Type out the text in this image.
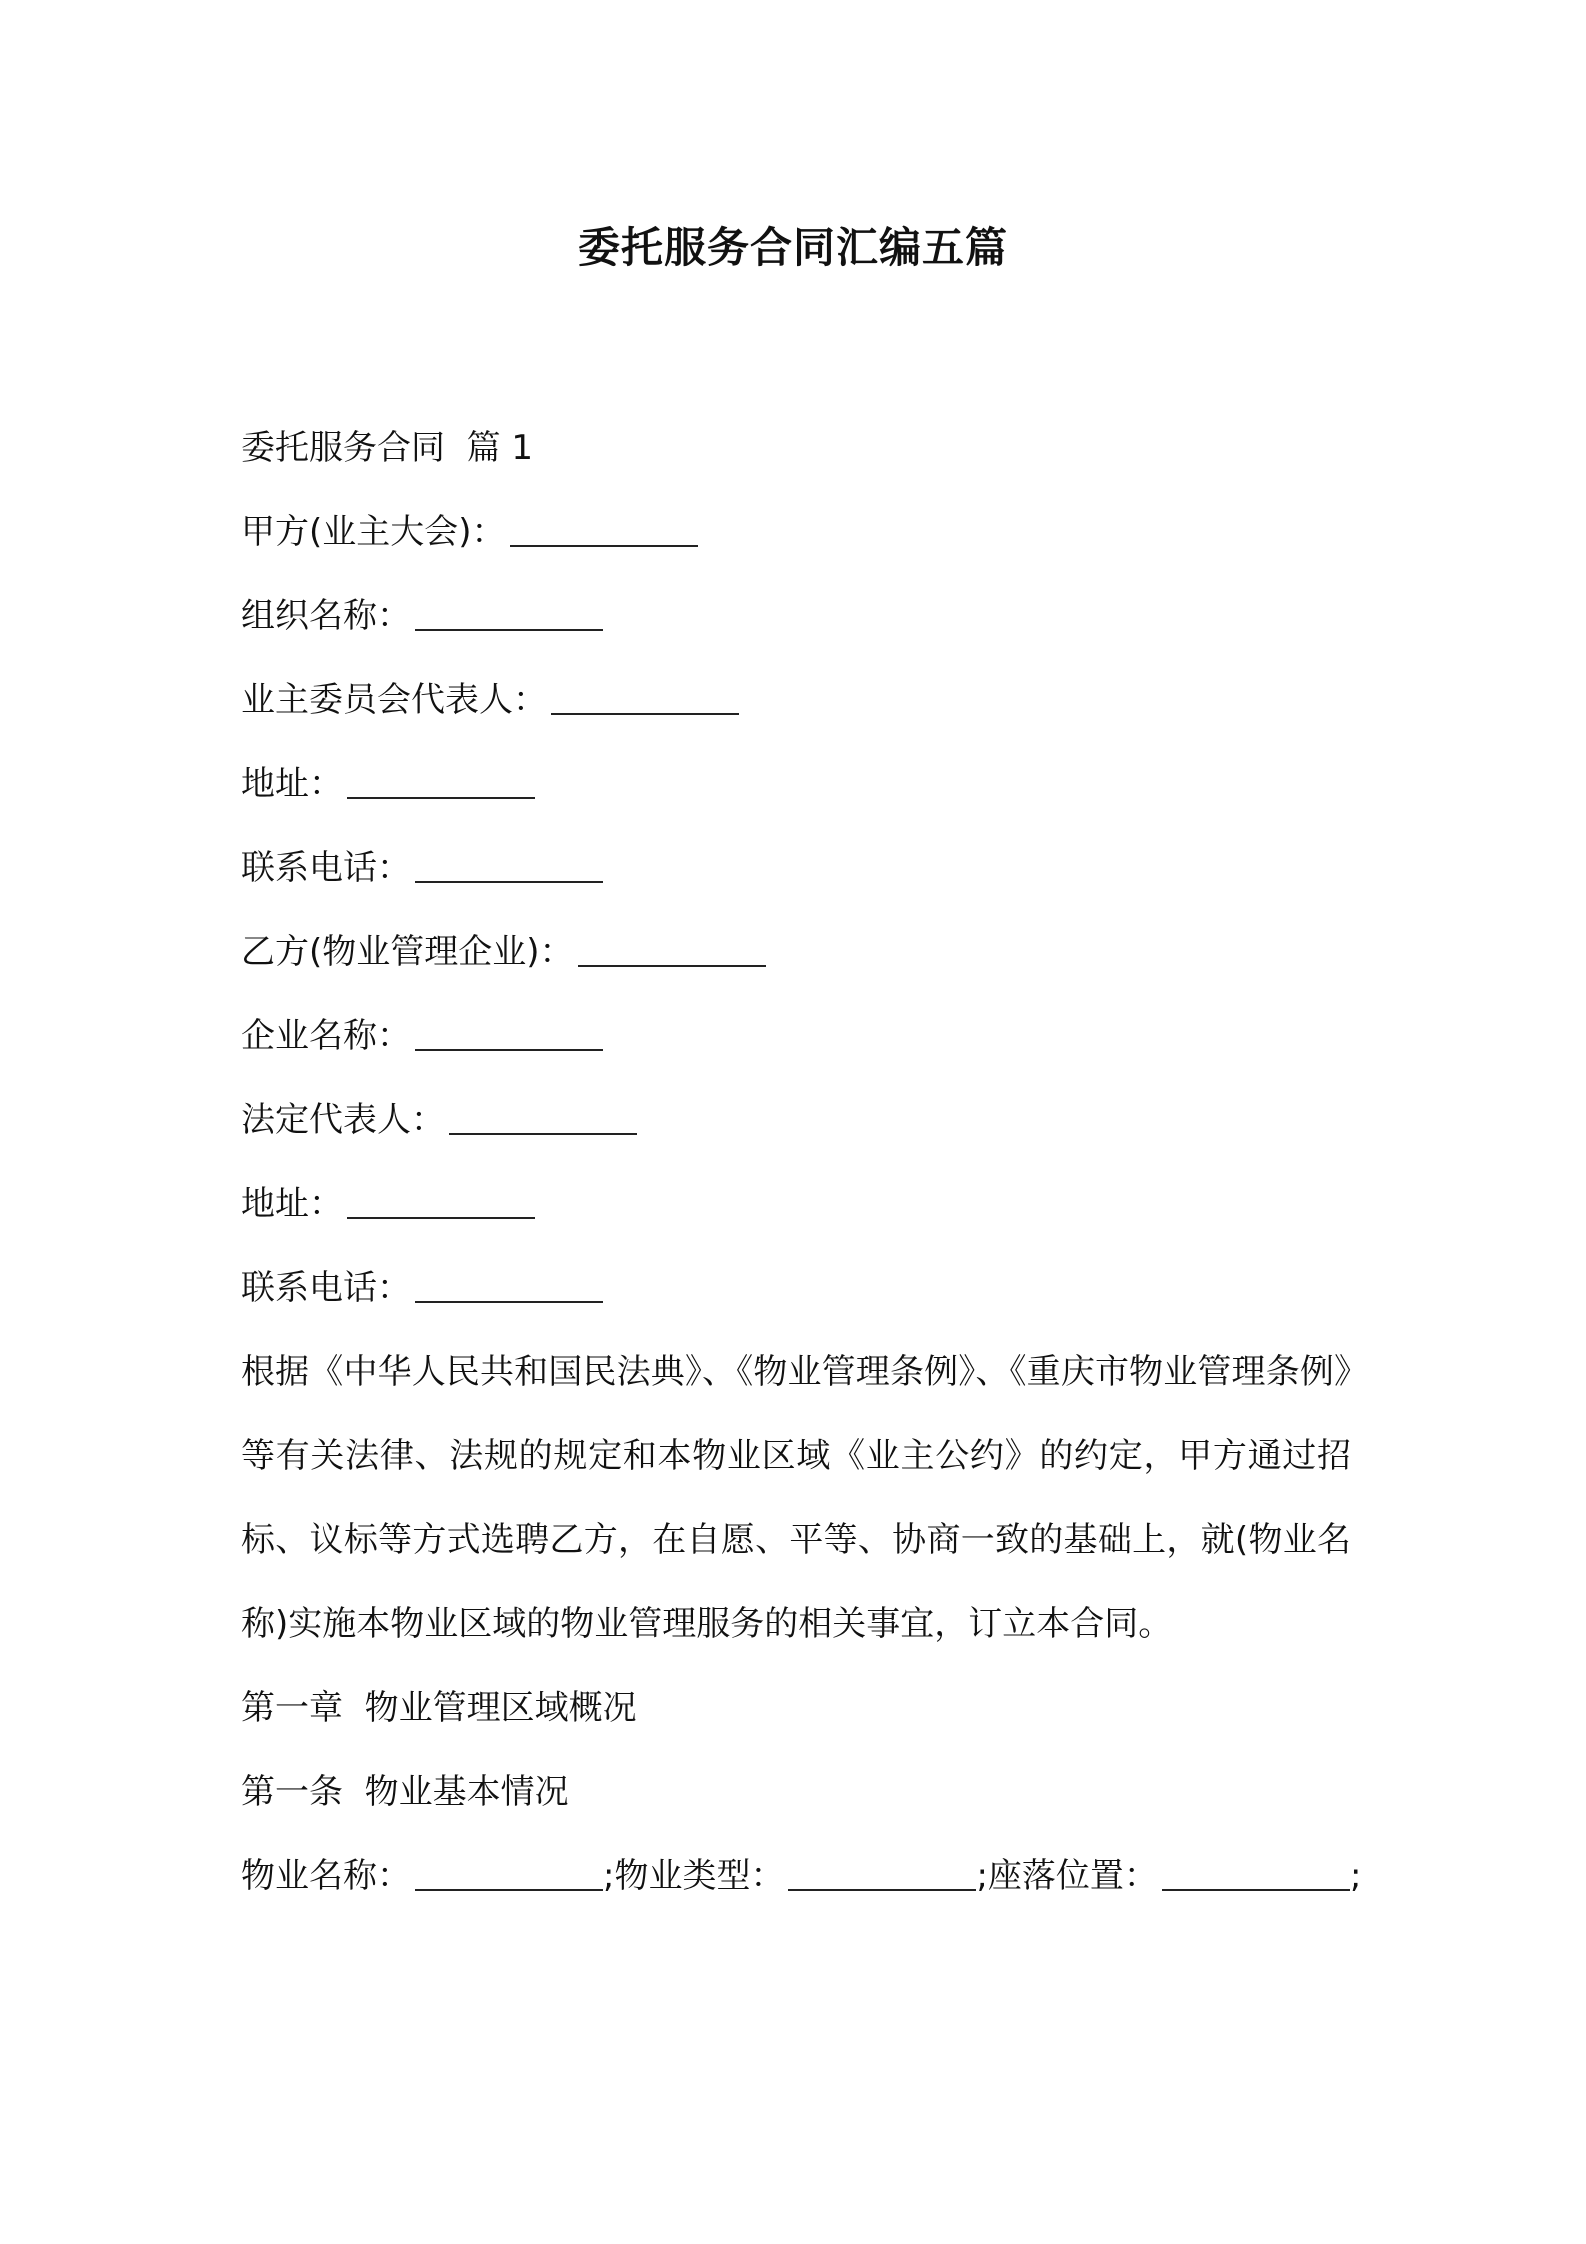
委托服务合同汇编五篇
委托服务合同  篇 1
甲方(业主大会)：
组织名称：
业主委员会代表人：
地址：
联系电话：
乙方(物业管理企业)：
企业名称：
法定代表人：
地址：
联系电话：
根据《中华人民共和国民法典》、《物业管理条例》、《重庆市物业管理条例》等有关法律、法规的规定和本物业区域《业主公约》的约定，甲方通过招标、议标等方式选聘乙方，在自愿、平等、协商一致的基础上，就(物业名称)实施本物业区域的物业管理服务的相关事宜，订立本合同。
第一章  物业管理区域概况
第一条  物业基本情况
物业名称：	;物业类型：	;座落位置：	;
